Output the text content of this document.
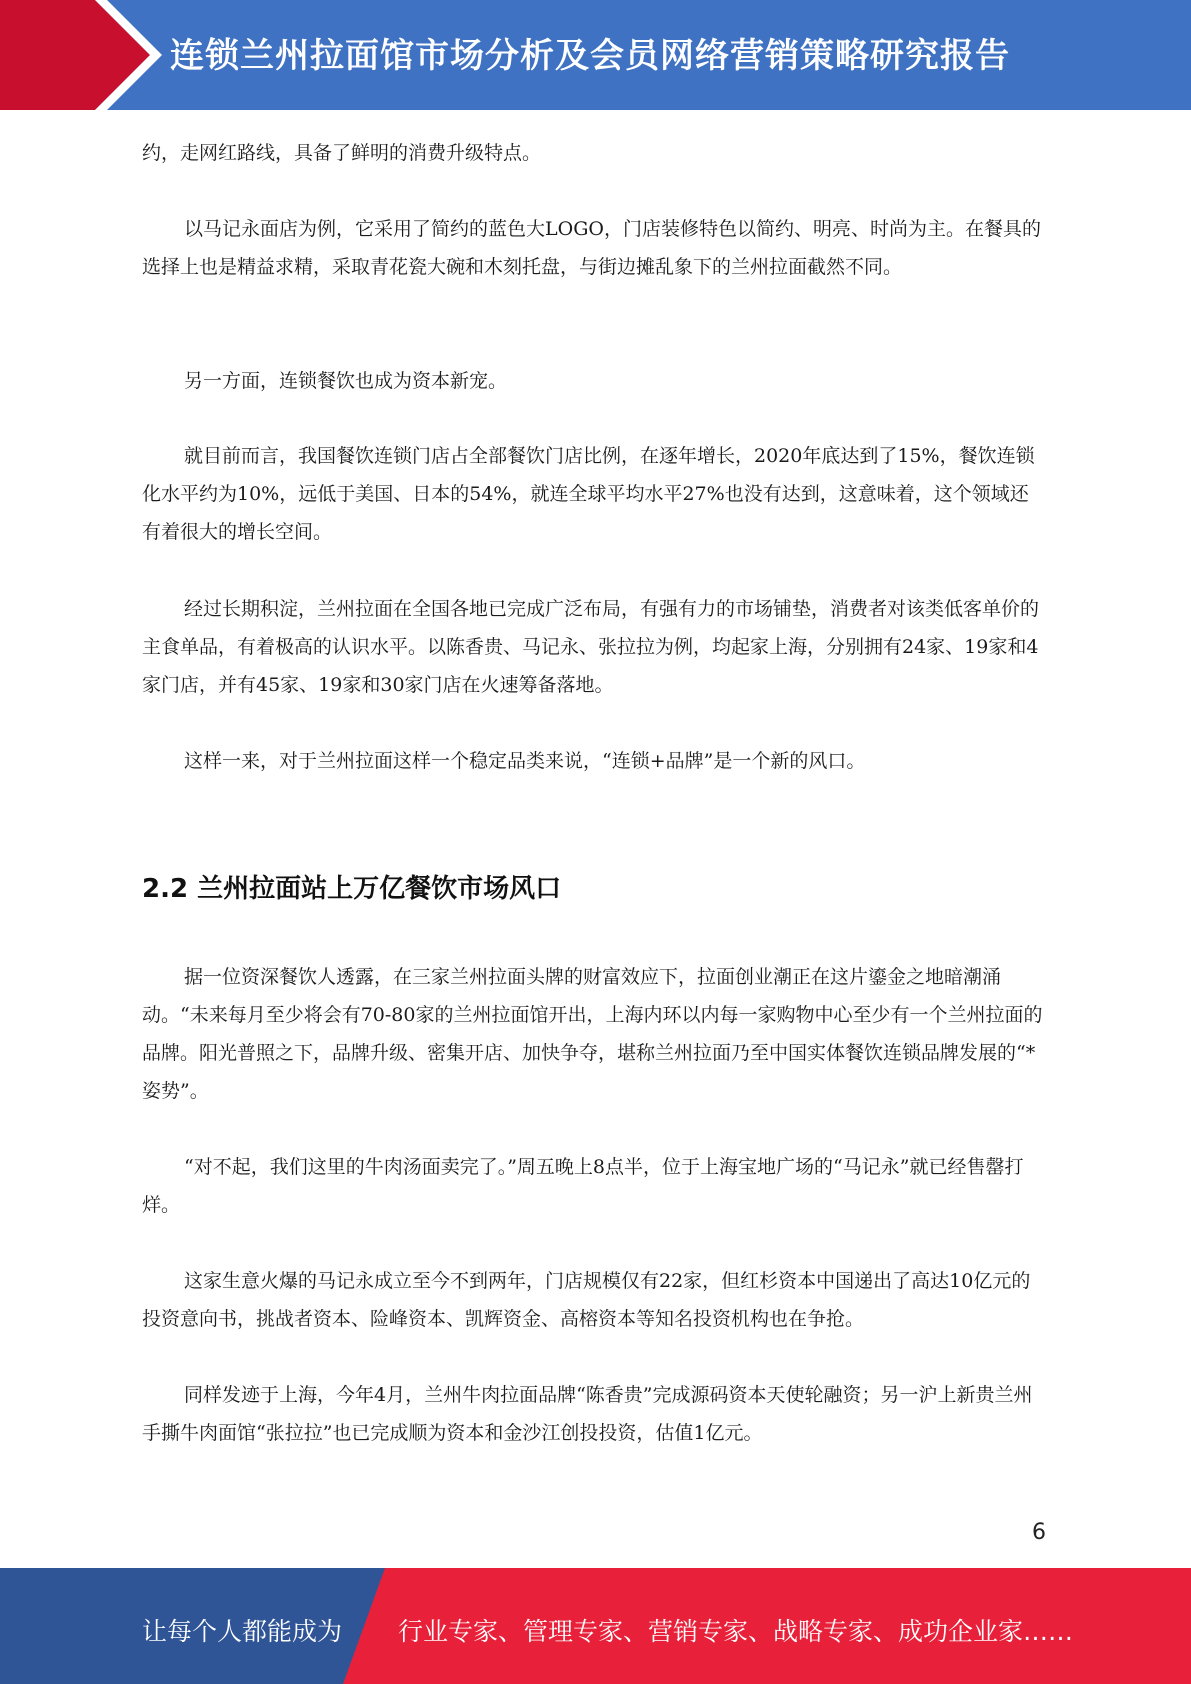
连锁兰州拉面馆市场分析及会员网络营销策略研究报告

约，走网红路线，具备了鲜明的消费升级特点。

以马记永面店为例，它采用了简约的蓝色大LOGO，门店装修特色以简约、明亮、时尚为主。在餐具的选择上也是精益求精，采取青花瓷大碗和木刻托盘，与街边摊乱象下的兰州拉面截然不同。

另一方面，连锁餐饮也成为资本新宠。

就目前而言，我国餐饮连锁门店占全部餐饮门店比例，在逐年增长，2020年底达到了15%，餐饮连锁化水平约为10%，远低于美国、日本的54%，就连全球平均水平27%也没有达到，这意味着，这个领域还有着很大的增长空间。

经过长期积淀，兰州拉面在全国各地已完成广泛布局，有强有力的市场铺垫，消费者对该类低客单价的主食单品，有着极高的认识水平。以陈香贵、马记永、张拉拉为例，均起家上海，分别拥有24家、19家和4家门店，并有45家、19家和30家门店在火速筹备落地。

这样一来，对于兰州拉面这样一个稳定品类来说，“连锁+品牌”是一个新的风口。

2.2 兰州拉面站上万亿餐饮市场风口

据一位资深餐饮人透露，在三家兰州拉面头牌的财富效应下，拉面创业潮正在这片鎏金之地暗潮涌动。“未来每月至少将会有70-80家的兰州拉面馆开出，上海内环以内每一家购物中心至少有一个兰州拉面的品牌。阳光普照之下，品牌升级、密集开店、加快争夺，堪称兰州拉面乃至中国实体餐饮连锁品牌发展的“*姿势”。

“对不起，我们这里的牛肉汤面卖完了。”周五晚上8点半，位于上海宝地广场的“马记永”就已经售罄打烊。

这家生意火爆的马记永成立至今不到两年，门店规模仅有22家，但红杉资本中国递出了高达10亿元的投资意向书，挑战者资本、险峰资本、凯辉资金、高榕资本等知名投资机构也在争抢。

同样发迹于上海，今年4月，兰州牛肉拉面品牌“陈香贵”完成源码资本天使轮融资；另一沪上新贵兰州手撕牛肉面馆“张拉拉”也已完成顺为资本和金沙江创投投资，估值1亿元。

6
让每个人都能成为 行业专家、管理专家、营销专家、战略专家、成功企业家……
